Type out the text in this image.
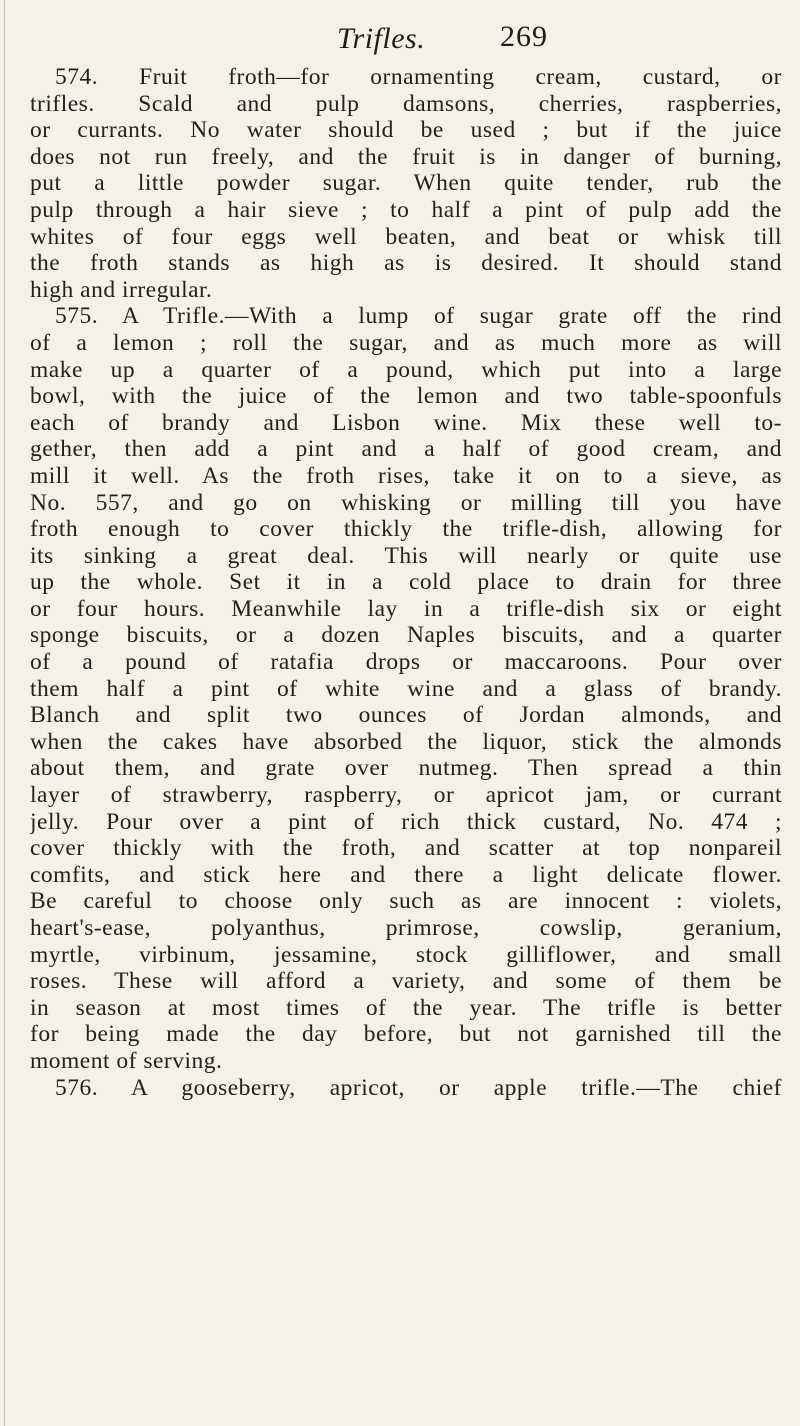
Trifles. 269
574. Fruit froth—for ornamenting cream, custard, or
trifles. Scald and pulp damsons, cherries, raspberries,
or currants. No water should be used ; but if the juice
does not run freely, and the fruit is in danger of burning,
put a little powder sugar. When quite tender, rub the
pulp through a hair sieve ; to half a pint of pulp add the
whites of four eggs well beaten, and beat or whisk till
the froth stands as high as is desired. It should stand
high and irregular.
575. A Trifle.—With a lump of sugar grate off the rind
of a lemon ; roll the sugar, and as much more as will
make up a quarter of a pound, which put into a large
bowl, with the juice of the lemon and two table-spoonfuls
each of brandy and Lisbon wine. Mix these well to-
gether, then add a pint and a half of good cream, and
mill it well. As the froth rises, take it on to a sieve, as
No. 557, and go on whisking or milling till you have
froth enough to cover thickly the trifle-dish, allowing for
its sinking a great deal. This will nearly or quite use
up the whole. Set it in a cold place to drain for three
or four hours. Meanwhile lay in a trifle-dish six or eight
sponge biscuits, or a dozen Naples biscuits, and a quarter
of a pound of ratafia drops or maccaroons. Pour over
them half a pint of white wine and a glass of brandy.
Blanch and split two ounces of Jordan almonds, and
when the cakes have absorbed the liquor, stick the almonds
about them, and grate over nutmeg. Then spread a thin
layer of strawberry, raspberry, or apricot jam, or currant
jelly. Pour over a pint of rich thick custard, No. 474 ;
cover thickly with the froth, and scatter at top nonpareil
comfits, and stick here and there a light delicate flower.
Be careful to choose only such as are innocent : violets,
heart's-ease, polyanthus, primrose, cowslip, geranium,
myrtle, virbinum, jessamine, stock gilliflower, and small
roses. These will afford a variety, and some of them be
in season at most times of the year. The trifle is better
for being made the day before, but not garnished till the
moment of serving.
576. A gooseberry, apricot, or apple trifle.—The chief
